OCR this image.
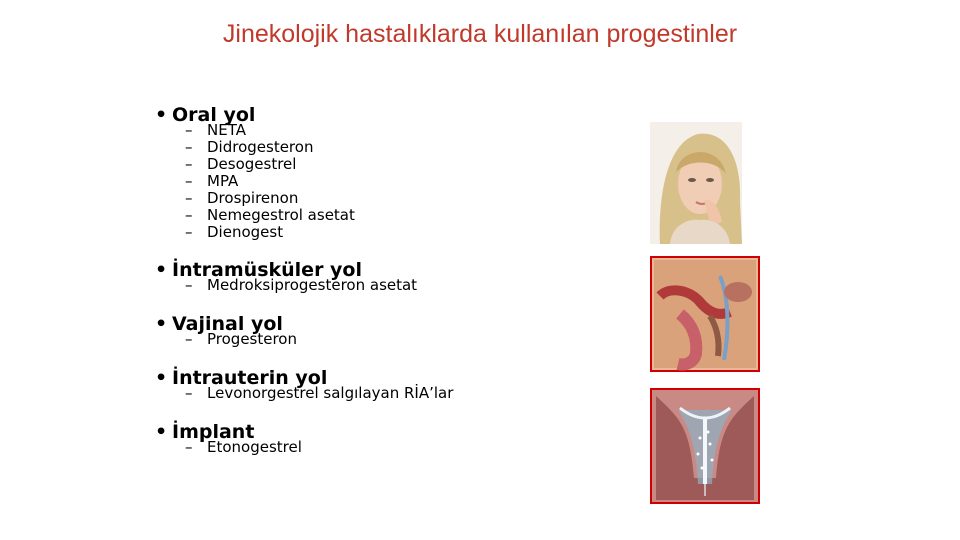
Jinekolojik hastalıklarda kullanılan progestinler
• Oral yol
– NETA
– Didrogesteron
– Desogestrel
– MPA
– Drospirenon
– Nemegestrol asetat
– Dienogest
• İntramüsküler yol
– Medroksiprogesteron asetat
• Vajinal yol
– Progesteron
• İntrauterin yol
– Levonorgestrel salgılayan RİA’lar
• İmplant
– Etonogestrel
